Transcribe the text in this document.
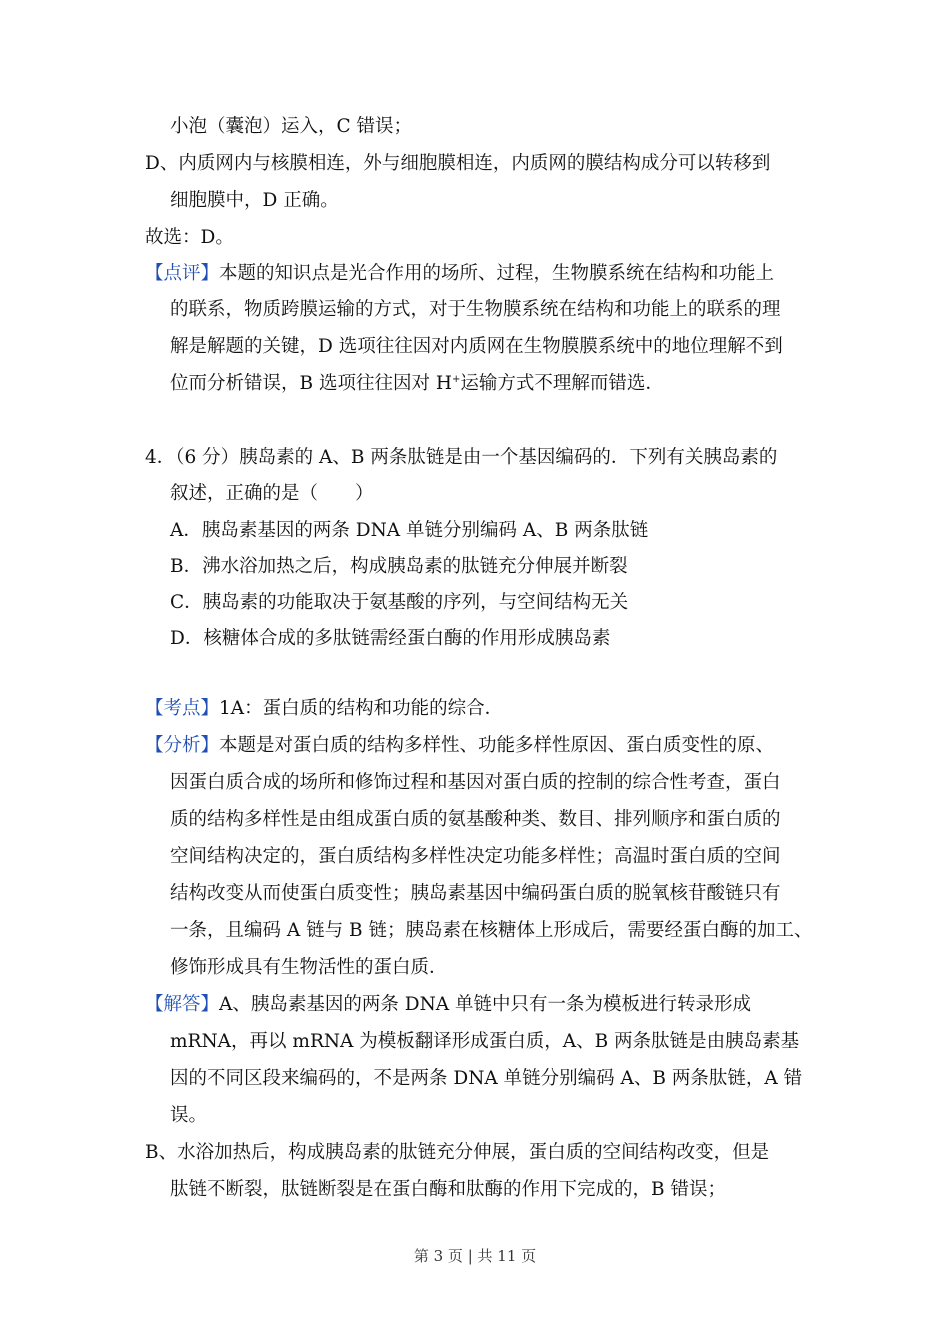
小泡（囊泡）运入，C 错误；
D、内质网内与核膜相连，外与细胞膜相连，内质网的膜结构成分可以转移到
细胞膜中，D 正确。
故选：D。
【点评】本题的知识点是光合作用的场所、过程，生物膜系统在结构和功能上
的联系，物质跨膜运输的方式，对于生物膜系统在结构和功能上的联系的理
解是解题的关键，D 选项往往因对内质网在生物膜膜系统中的地位理解不到
位而分析错误，B 选项往往因对 H+运输方式不理解而错选．
4．（6 分）胰岛素的 A、B 两条肽链是由一个基因编码的．下列有关胰岛素的
叙述，正确的是（　　）
A．胰岛素基因的两条 DNA 单链分别编码 A、B 两条肽链
B．沸水浴加热之后，构成胰岛素的肽链充分伸展并断裂
C．胰岛素的功能取决于氨基酸的序列，与空间结构无关
D．核糖体合成的多肽链需经蛋白酶的作用形成胰岛素
【考点】1A：蛋白质的结构和功能的综合．
【分析】本题是对蛋白质的结构多样性、功能多样性原因、蛋白质变性的原、
因蛋白质合成的场所和修饰过程和基因对蛋白质的控制的综合性考查，蛋白
质的结构多样性是由组成蛋白质的氨基酸种类、数目、排列顺序和蛋白质的
空间结构决定的，蛋白质结构多样性决定功能多样性；高温时蛋白质的空间
结构改变从而使蛋白质变性；胰岛素基因中编码蛋白质的脱氧核苷酸链只有
一条，且编码 A 链与 B 链；胰岛素在核糖体上形成后，需要经蛋白酶的加工、
修饰形成具有生物活性的蛋白质．
【解答】A、胰岛素基因的两条 DNA 单链中只有一条为模板进行转录形成
mRNA，再以 mRNA 为模板翻译形成蛋白质，A、B 两条肽链是由胰岛素基
因的不同区段来编码的，不是两条 DNA 单链分别编码 A、B 两条肽链，A 错
误。
B、水浴加热后，构成胰岛素的肽链充分伸展，蛋白质的空间结构改变，但是
肽链不断裂，肽链断裂是在蛋白酶和肽酶的作用下完成的，B 错误；
第 3 页 | 共 11 页
